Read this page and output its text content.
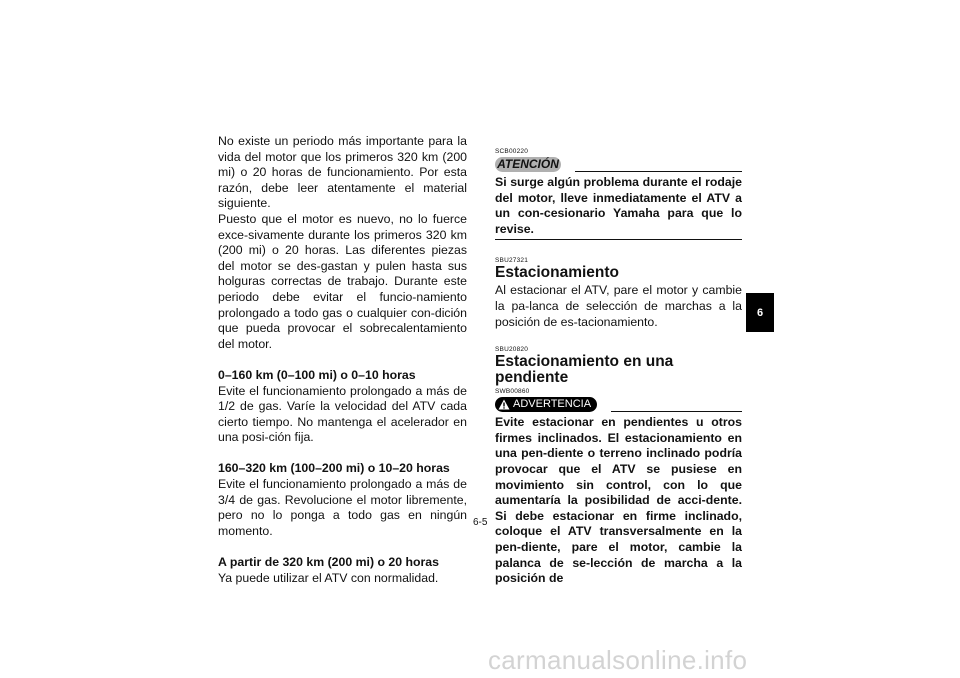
No existe un periodo más importante para la vida del motor que los primeros 320 km (200 mi) o 20 horas de funcionamiento. Por esta razón, debe leer atentamente el material siguiente.

Puesto que el motor es nuevo, no lo fuerce exce-sivamente durante los primeros 320 km (200 mi) o 20 horas. Las diferentes piezas del motor se des-gastan y pulen hasta sus holguras correctas de trabajo. Durante este periodo debe evitar el funcio-namiento prolongado a todo gas o cualquier con-dición que pueda provocar el sobrecalentamiento del motor.

0–160 km (0–100 mi) o 0–10 horas

Evite el funcionamiento prolongado a más de 1/2 de gas. Varíe la velocidad del ATV cada cierto tiempo. No mantenga el acelerador en una posi-ción fija.

160–320 km (100–200 mi) o 10–20 horas

Evite el funcionamiento prolongado a más de 3/4 de gas. Revolucione el motor libremente, pero no lo ponga a todo gas en ningún momento.

A partir de 320 km (200 mi) o 20 horas

Ya puede utilizar el ATV con normalidad.

SCB00220
ATENCIÓN

Si surge algún problema durante el rodaje del motor, lleve inmediatamente el ATV a un con-cesionario Yamaha para que lo revise.

SBU27321
Estacionamiento

Al estacionar el ATV, pare el motor y cambie la pa-lanca de selección de marchas a la posición de es-tacionamiento.

SBU20820
Estacionamiento en una pendiente
SWB00860
ADVERTENCIA

Evite estacionar en pendientes u otros firmes inclinados. El estacionamiento en una pen-diente o terreno inclinado podría provocar que el ATV se pusiese en movimiento sin control, con lo que aumentaría la posibilidad de acci-dente. Si debe estacionar en firme inclinado, coloque el ATV transversalmente en la pen-diente, pare el motor, cambie la palanca de se-lección de marcha a la posición de

6
6-5
carmanualsonline.info
